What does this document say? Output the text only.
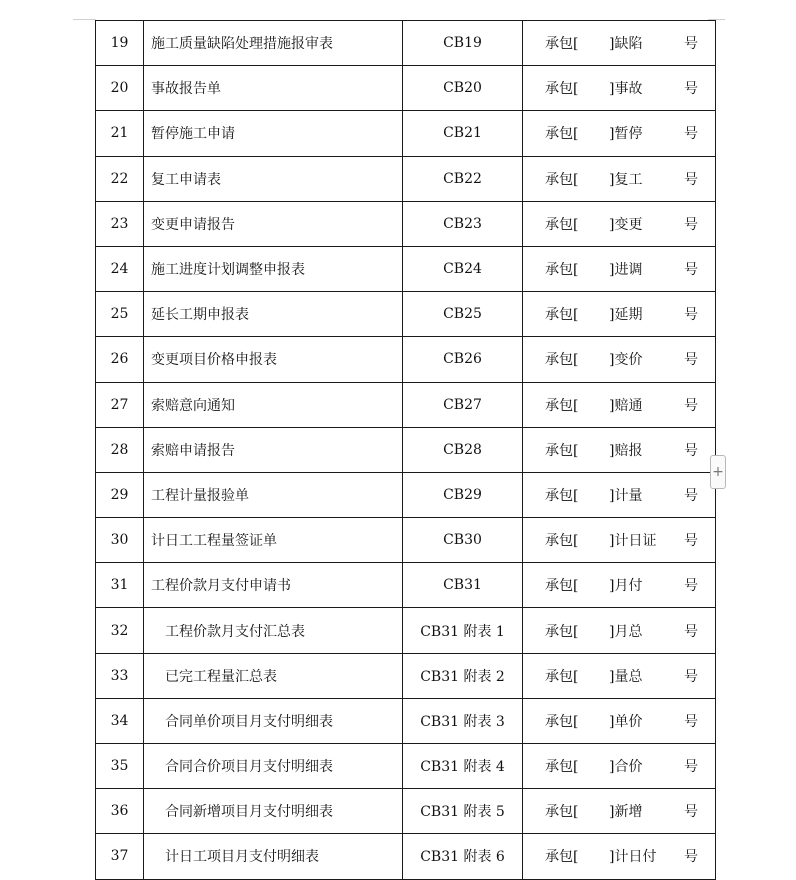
19	施工质量缺陷处理措施报审表	CB19	承包[ ]缺陷 号

20	事故报告单	CB20	承包[ ]事故 号

21	暂停施工申请	CB21	承包[ ]暂停 号

22	复工申请表	CB22	承包[ ]复工 号

23	变更申请报告	CB23	承包[ ]变更 号

24	施工进度计划调整申报表	CB24	承包[ ]进调 号

25	延长工期申报表	CB25	承包[ ]延期 号

26	变更项目价格申报表	CB26	承包[ ]变价 号

27	索赔意向通知	CB27	承包[ ]赔通 号

28	索赔申请报告	CB28	承包[ ]赔报 号

29	工程计量报验单	CB29	承包[ ]计量 号

30	计日工工程量签证单	CB30	承包[ ]计日证 号

31	工程价款月支付申请书	CB31	承包[ ]月付 号

32	工程价款月支付汇总表	CB31 附表 1	承包[ ]月总 号

33	已完工程量汇总表	CB31 附表 2	承包[ ]量总 号

34	合同单价项目月支付明细表	CB31 附表 3	承包[ ]单价 号

35	合同合价项目月支付明细表	CB31 附表 4	承包[ ]合价 号

36	合同新增项目月支付明细表	CB31 附表 5	承包[ ]新增 号

37	计日工项目月支付明细表	CB31 附表 6	承包[ ]计日付 号
+
